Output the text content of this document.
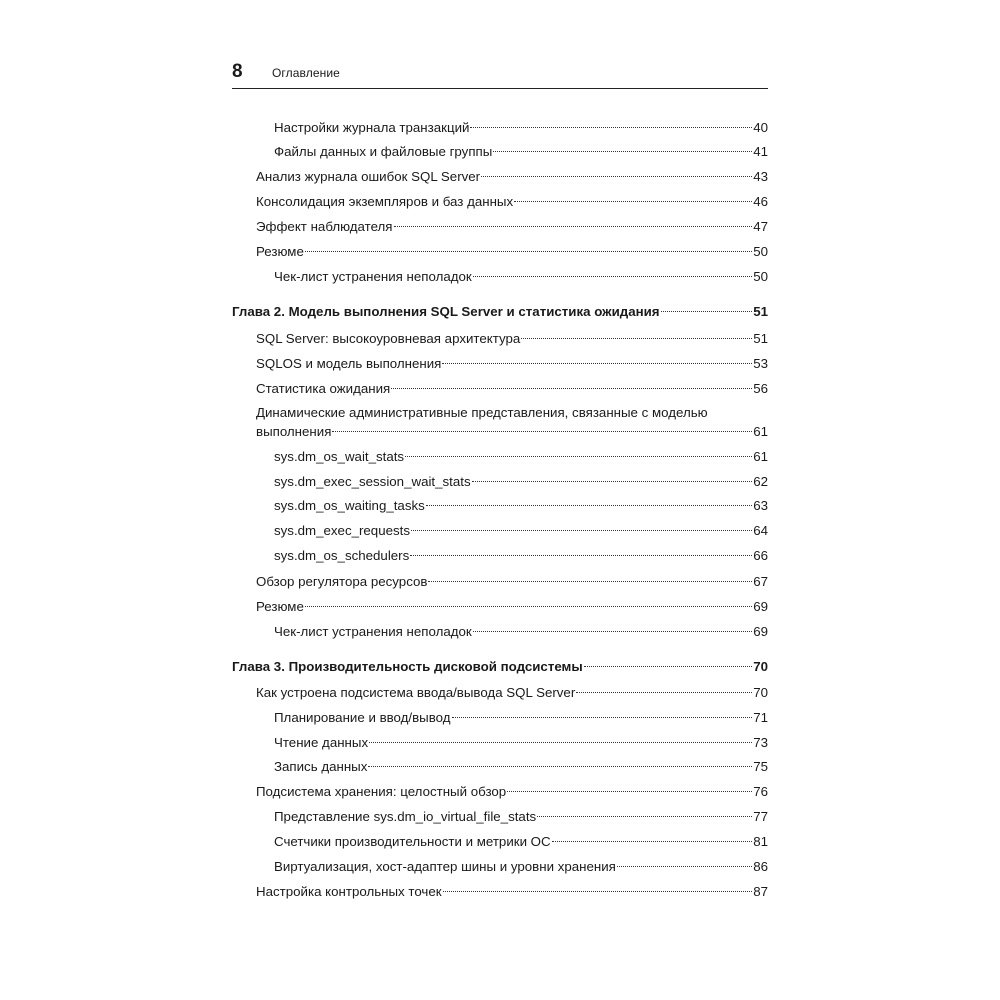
8 Оглавление
Настройки журнала транзакций	40
Файлы данных и файловые группы	41
Анализ журнала ошибок SQL Server	43
Консолидация экземпляров и баз данных	46
Эффект наблюдателя	47
Резюме	50
Чек-лист устранения неполадок	50
Глава 2. Модель выполнения SQL Server и статистика ожидания	51
SQL Server: высокоуровневая архитектура	51
SQLOS и модель выполнения	53
Статистика ожидания	56
Динамические административные представления, связанные с моделью
выполнения	61
sys.dm_os_wait_stats	61
sys.dm_exec_session_wait_stats	62
sys.dm_os_waiting_tasks	63
sys.dm_exec_requests	64
sys.dm_os_schedulers	66
Обзор регулятора ресурсов	67
Резюме	69
Чек-лист устранения неполадок	69
Глава 3. Производительность дисковой подсистемы	70
Как устроена подсистема ввода/вывода SQL Server	70
Планирование и ввод/вывод	71
Чтение данных	73
Запись данных	75
Подсистема хранения: целостный обзор	76
Представление sys.dm_io_virtual_file_stats	77
Счетчики производительности и метрики ОС	81
Виртуализация, хост-адаптер шины и уровни хранения	86
Настройка контрольных точек	87
